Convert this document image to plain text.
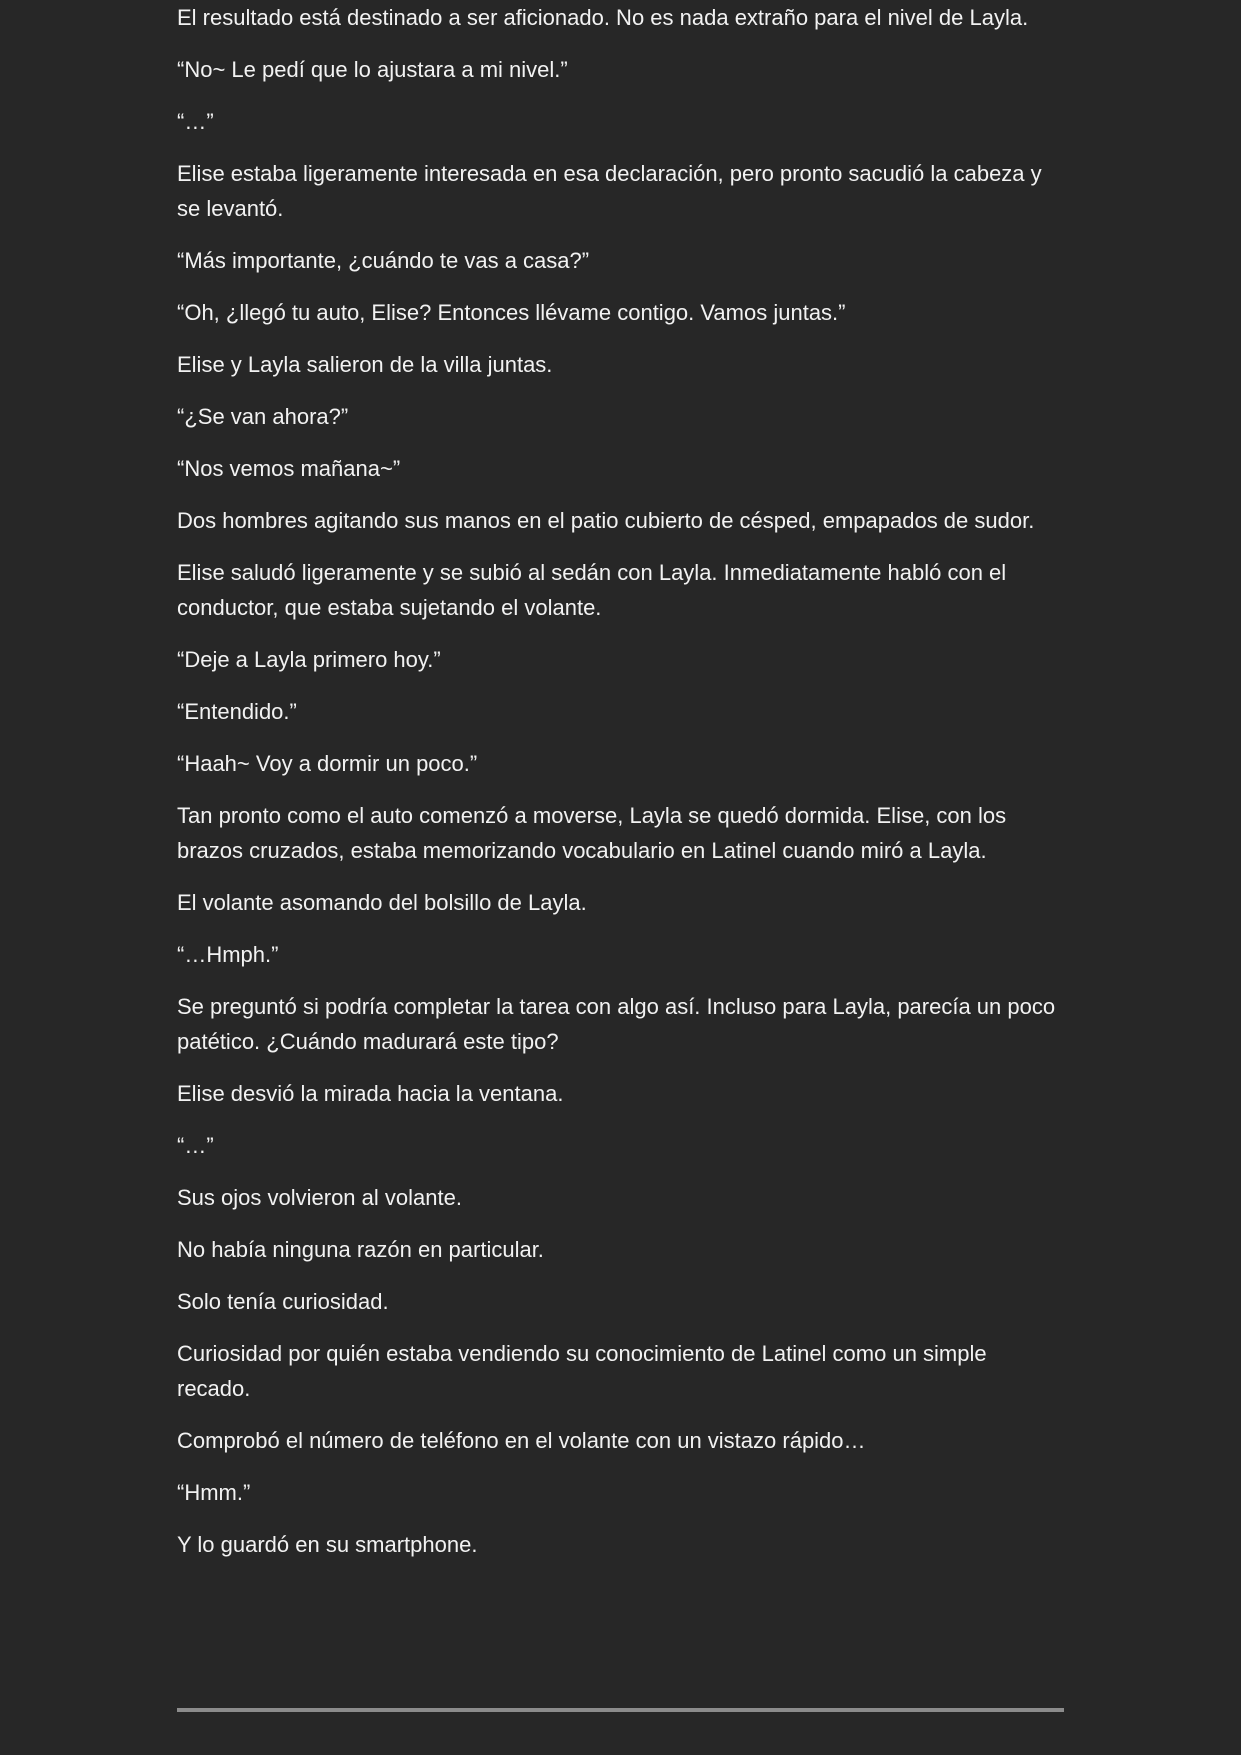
El resultado está destinado a ser aficionado. No es nada extraño para el nivel de Layla.

“No~ Le pedí que lo ajustara a mi nivel.”

“…”

Elise estaba ligeramente interesada en esa declaración, pero pronto sacudió la cabeza y se levantó.

“Más importante, ¿cuándo te vas a casa?”

“Oh, ¿llegó tu auto, Elise? Entonces llévame contigo. Vamos juntas.”

Elise y Layla salieron de la villa juntas.

“¿Se van ahora?”

“Nos vemos mañana~”

Dos hombres agitando sus manos en el patio cubierto de césped, empapados de sudor.

Elise saludó ligeramente y se subió al sedán con Layla. Inmediatamente habló con el conductor, que estaba sujetando el volante.

“Deje a Layla primero hoy.”

“Entendido.”

“Haah~ Voy a dormir un poco.”

Tan pronto como el auto comenzó a moverse, Layla se quedó dormida. Elise, con los brazos cruzados, estaba memorizando vocabulario en Latinel cuando miró a Layla.

El volante asomando del bolsillo de Layla.

“…Hmph.”

Se preguntó si podría completar la tarea con algo así. Incluso para Layla, parecía un poco patético. ¿Cuándo madurará este tipo?

Elise desvió la mirada hacia la ventana.

“…”

Sus ojos volvieron al volante.

No había ninguna razón en particular.

Solo tenía curiosidad.

Curiosidad por quién estaba vendiendo su conocimiento de Latinel como un simple recado.

Comprobó el número de teléfono en el volante con un vistazo rápido…

“Hmm.”

Y lo guardó en su smartphone.
